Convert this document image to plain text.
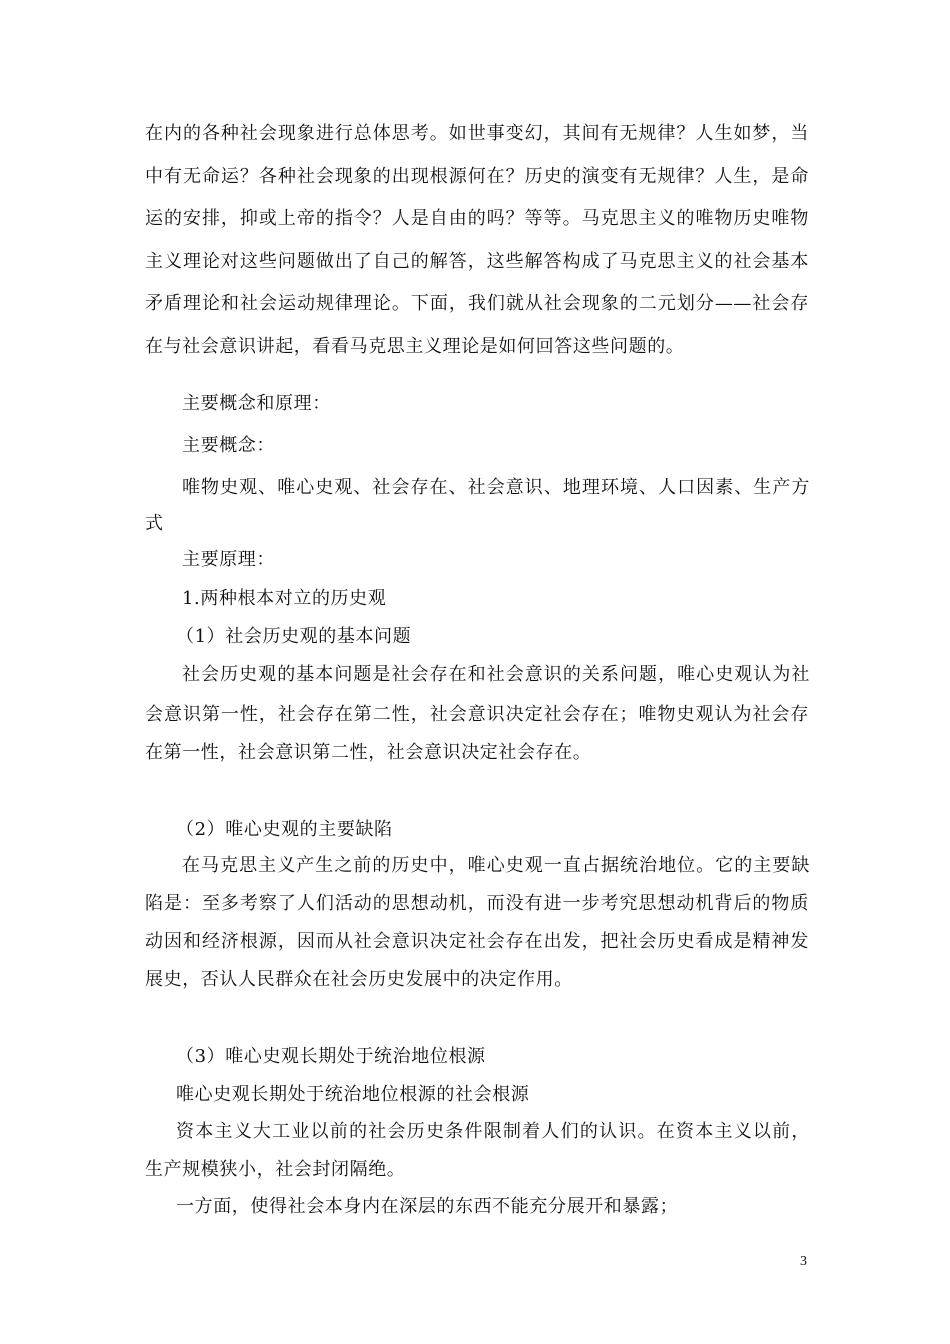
在内的各种社会现象进行总体思考。如世事变幻，其间有无规律？人生如梦，当
中有无命运？各种社会现象的出现根源何在？历史的演变有无规律？人生，是命
运的安排，抑或上帝的指令？人是自由的吗？等等。马克思主义的唯物历史唯物
主义理论对这些问题做出了自己的解答，这些解答构成了马克思主义的社会基本
矛盾理论和社会运动规律理论。下面，我们就从社会现象的二元划分——社会存
在与社会意识讲起，看看马克思主义理论是如何回答这些问题的。
主要概念和原理：
主要概念：
唯物史观、唯心史观、社会存在、社会意识、地理环境、人口因素、生产方
式
主要原理：
1.两种根本对立的历史观
（1）社会历史观的基本问题
社会历史观的基本问题是社会存在和社会意识的关系问题，唯心史观认为社
会意识第一性，社会存在第二性，社会意识决定社会存在；唯物史观认为社会存
在第一性，社会意识第二性，社会意识决定社会存在。
（2）唯心史观的主要缺陷
在马克思主义产生之前的历史中，唯心史观一直占据统治地位。它的主要缺
陷是：至多考察了人们活动的思想动机，而没有进一步考究思想动机背后的物质
动因和经济根源，因而从社会意识决定社会存在出发，把社会历史看成是精神发
展史，否认人民群众在社会历史发展中的决定作用。
（3）唯心史观长期处于统治地位根源
唯心史观长期处于统治地位根源的社会根源
资本主义大工业以前的社会历史条件限制着人们的认识。在资本主义以前，
生产规模狭小，社会封闭隔绝。
一方面，使得社会本身内在深层的东西不能充分展开和暴露；
3
